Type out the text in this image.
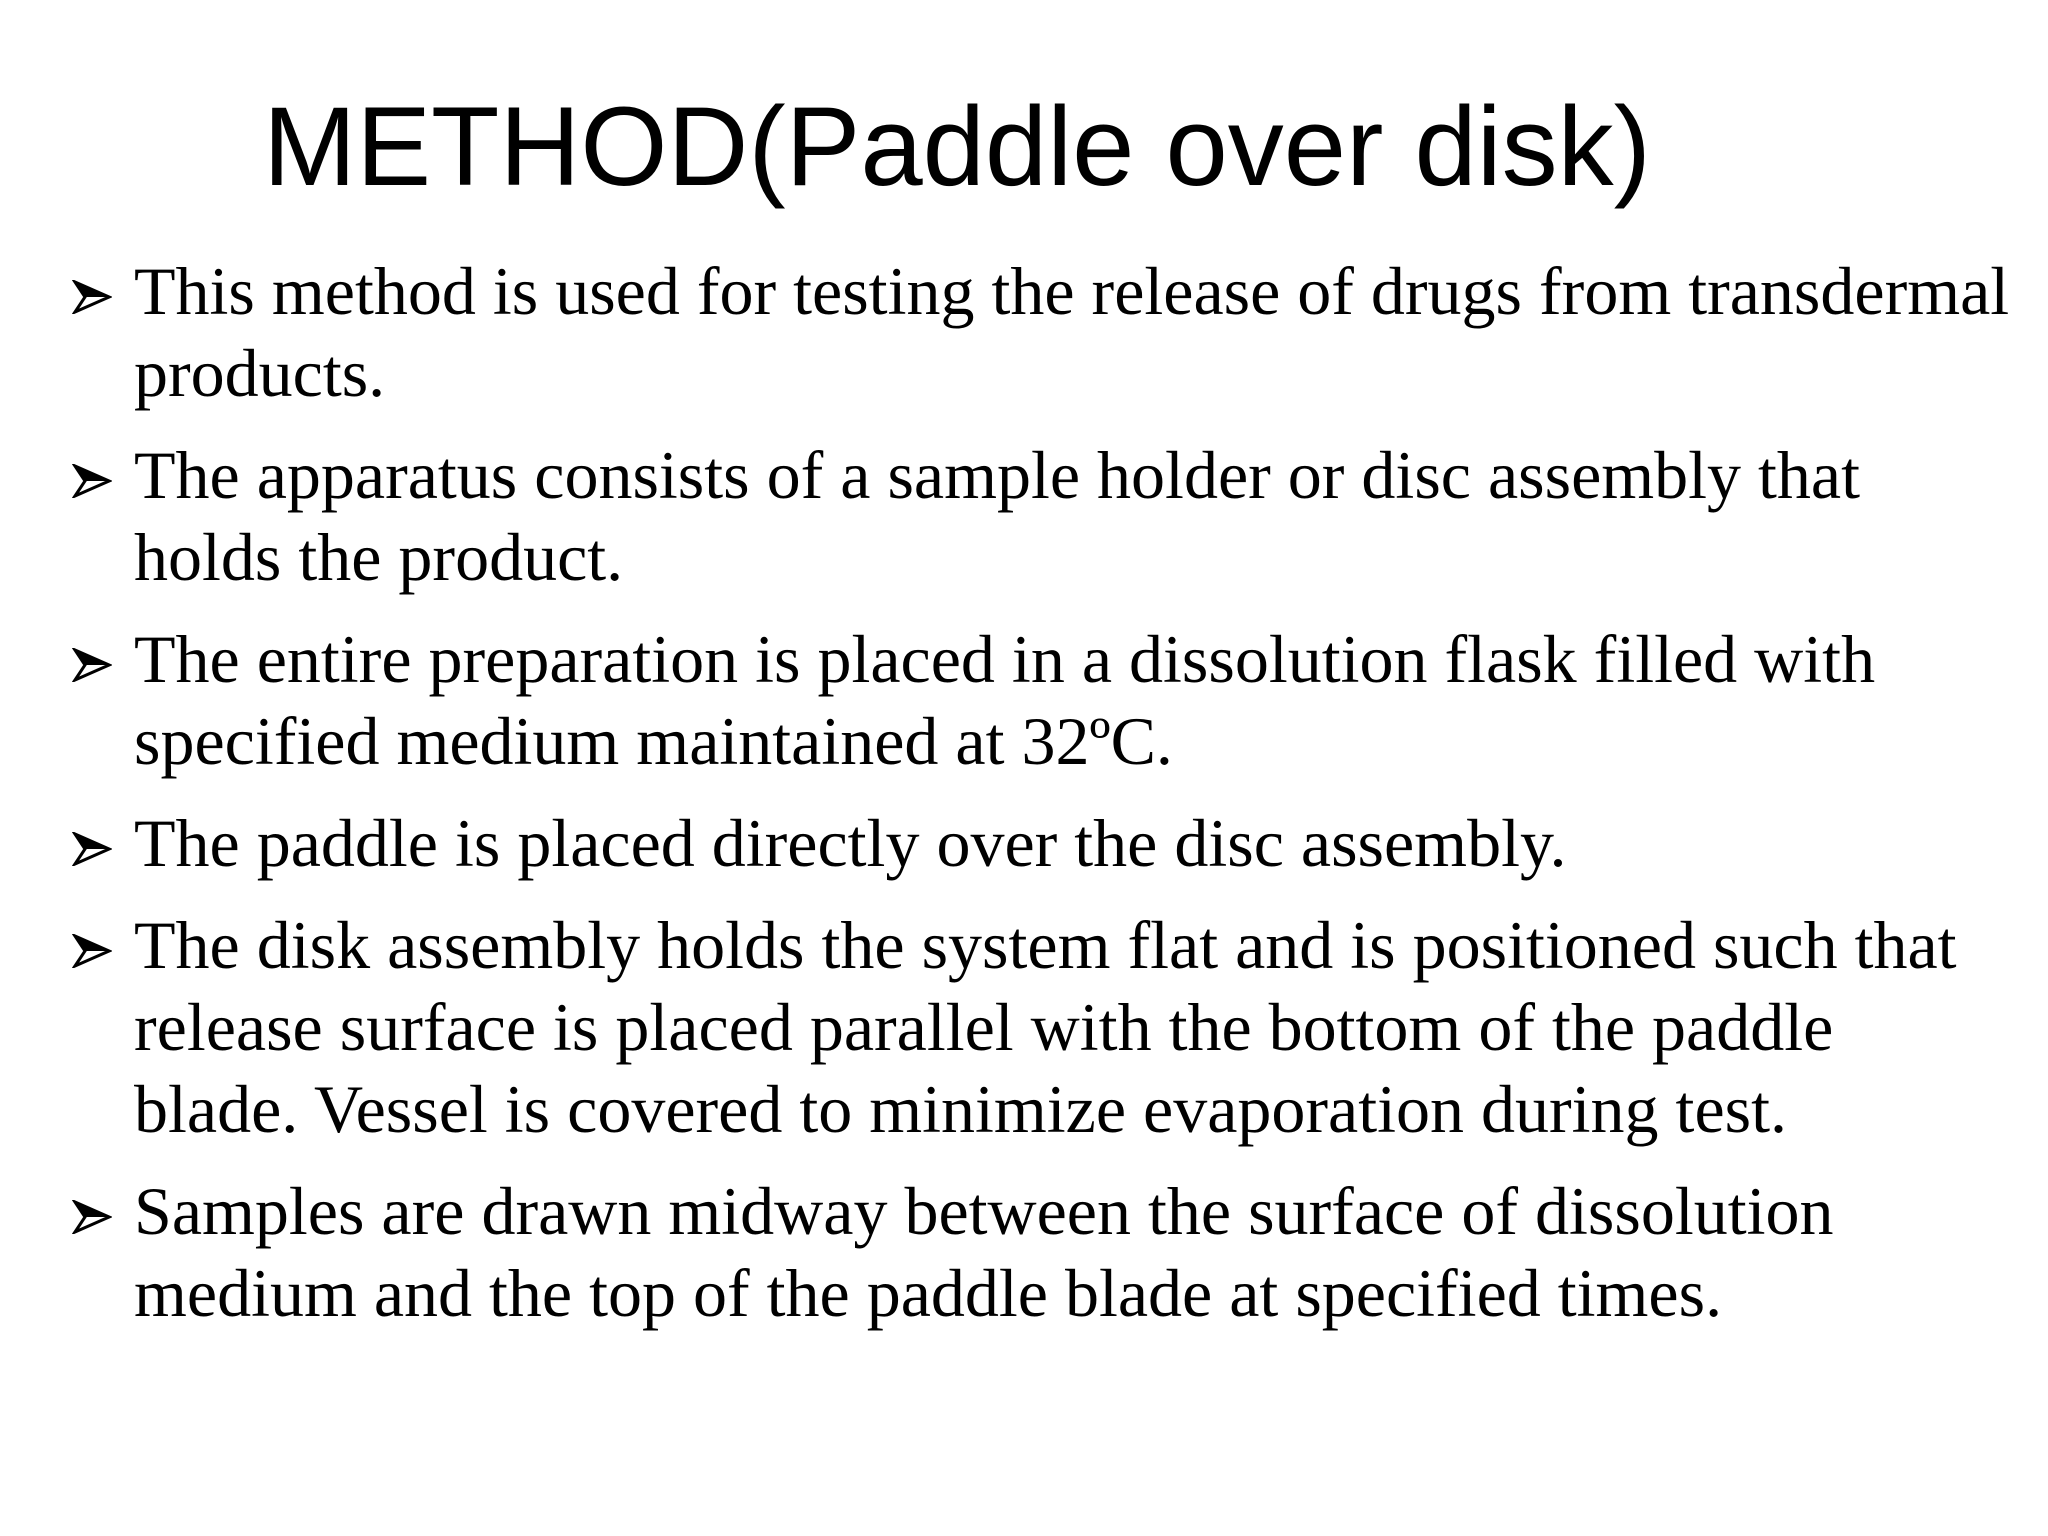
METHOD(Paddle over disk)
This method is used for testing the release of drugs from transdermal products.
The apparatus consists of a sample holder or disc assembly that holds the product.
The entire preparation is placed in a dissolution flask filled with specified medium maintained at 32ºC.
The paddle is placed directly over the disc assembly.
The disk assembly holds the system flat and is positioned such that release surface is placed parallel with the bottom of the paddle blade. Vessel is covered to minimize evaporation during test.
Samples are drawn midway between the surface of dissolution medium and the top of the paddle blade at specified times.
